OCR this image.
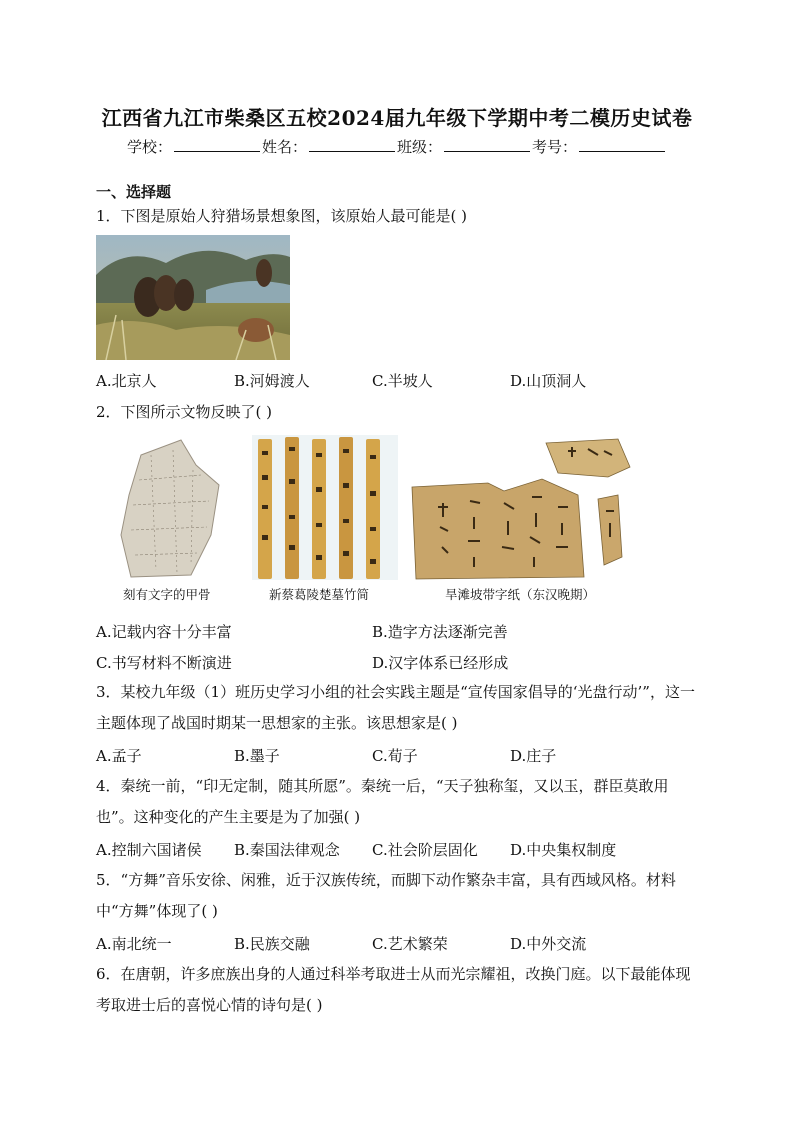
江西省九江市柴桑区五校2024届九年级下学期中考二模历史试卷
学校：	姓名：	班级：	考号：
一、选择题
1．下图是原始人狩猎场景想象图，该原始人最可能是( )
A.北京人	B.河姆渡人	C.半坡人	D.山顶洞人
2．下图所示文物反映了( )
刻有文字的甲骨	新蔡葛陵楚墓竹简	旱滩坡带字纸（东汉晚期）
A.记载内容十分丰富	B.造字方法逐渐完善
C.书写材料不断演进	D.汉字体系已经形成
3．某校九年级（1）班历史学习小组的社会实践主题是“宣传国家倡导的‘光盘行动’”，这一主题体现了战国时期某一思想家的主张。该思想家是( )
A.孟子	B.墨子	C.荀子	D.庄子
4．秦统一前，“印无定制，随其所愿”。秦统一后，“天子独称玺，又以玉，群臣莫敢用也”。这种变化的产生主要是为了加强( )
A.控制六国诸侯 B.秦国法律观念 C.社会阶层固化 D.中央集权制度
5．“方舞”音乐安徐、闲雅，近于汉族传统，而脚下动作繁杂丰富，具有西域风格。材料中“方舞”体现了( )
A.南北统一	B.民族交融	C.艺术繁荣	D.中外交流
6．在唐朝，许多庶族出身的人通过科举考取进士从而光宗耀祖，改换门庭。以下最能体现考取进士后的喜悦心情的诗句是( )
